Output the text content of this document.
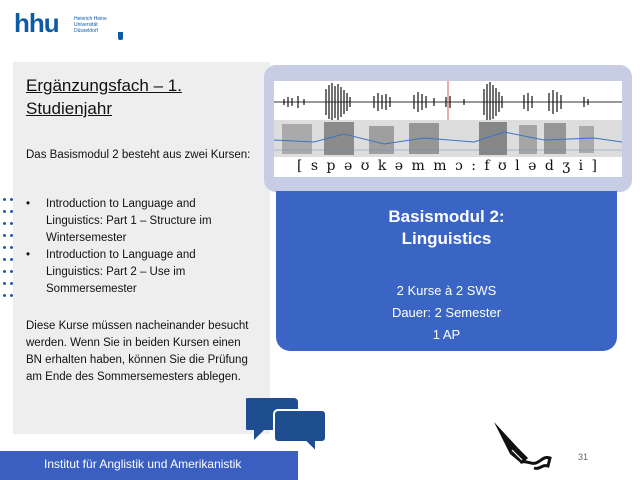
hhu	Heinrich Heine
Universität
Düsseldorf
Ergänzungsfach – 1. Studienjahr
Das Basismodul 2 besteht aus zwei Kursen:
• Introduction to Language and Linguistics: Part 1 – Structure im Wintersemester
• Introduction to Language and Linguistics: Part 2 – Use im Sommersemester
Diese Kurse müssen nacheinander besucht werden. Wenn Sie in beiden Kursen einen BN erhalten haben, können Sie die Prüfung am Ende des Sommersemesters ablegen.
Institut für Anglistik und Amerikanistik
[ s p ə ʊ k ə m m ɔ : f ʊ l ə d ʒ i ]
Basismodul 2:
Linguistics
2 Kurse à 2 SWS
Dauer: 2 Semester
1 AP
31
